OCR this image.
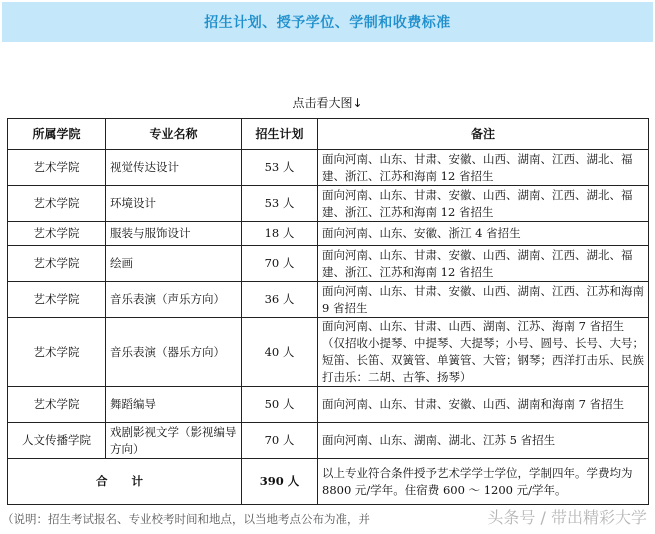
招生计划、授予学位、学制和收费标准
点击看大图↓
所属学院	专业名称	招生计划	备注
艺术学院	视觉传达设计	53 人	面向河南、山东、甘肃、安徽、山西、湖南、江西、湖北、福建、浙江、江苏和海南 12 省招生
艺术学院	环境设计	53 人	面向河南、山东、甘肃、安徽、山西、湖南、江西、湖北、福建、浙江、江苏和海南 12 省招生
艺术学院	服装与服饰设计	18 人	面向河南、山东、安徽、浙江 4 省招生
艺术学院	绘画	70 人	面向河南、山东、甘肃、安徽、山西、湖南、江西、湖北、福建、浙江、江苏和海南 12 省招生
艺术学院	音乐表演（声乐方向）	36 人	面向河南、山东、甘肃、安徽、山西、湖南、江西、江苏和海南 9 省招生
艺术学院	音乐表演（器乐方向）	40 人	面向河南、山东、甘肃、山西、湖南、江苏、海南 7 省招生（仅招收小提琴、中提琴、大提琴；小号、圆号、长号、大号；短笛、长笛、双簧管、单簧管、大管；钢琴；西洋打击乐、民族打击乐：二胡、古筝、扬琴）
艺术学院	舞蹈编导	50 人	面向河南、山东、甘肃、安徽、山西、湖南和海南 7 省招生
人文传播学院	戏剧影视文学（影视编导方向）	70 人	面向河南、山东、湖南、湖北、江苏 5 省招生
合 计		390 人	以上专业符合条件授予艺术学学士学位，学制四年。学费均为 8800 元/学年。住宿费 600 ～ 1200 元/学年。
（说明：招生考试报名、专业校考时间和地点，以当地考点公布为准，并	头条号 / 带出精彩大学
